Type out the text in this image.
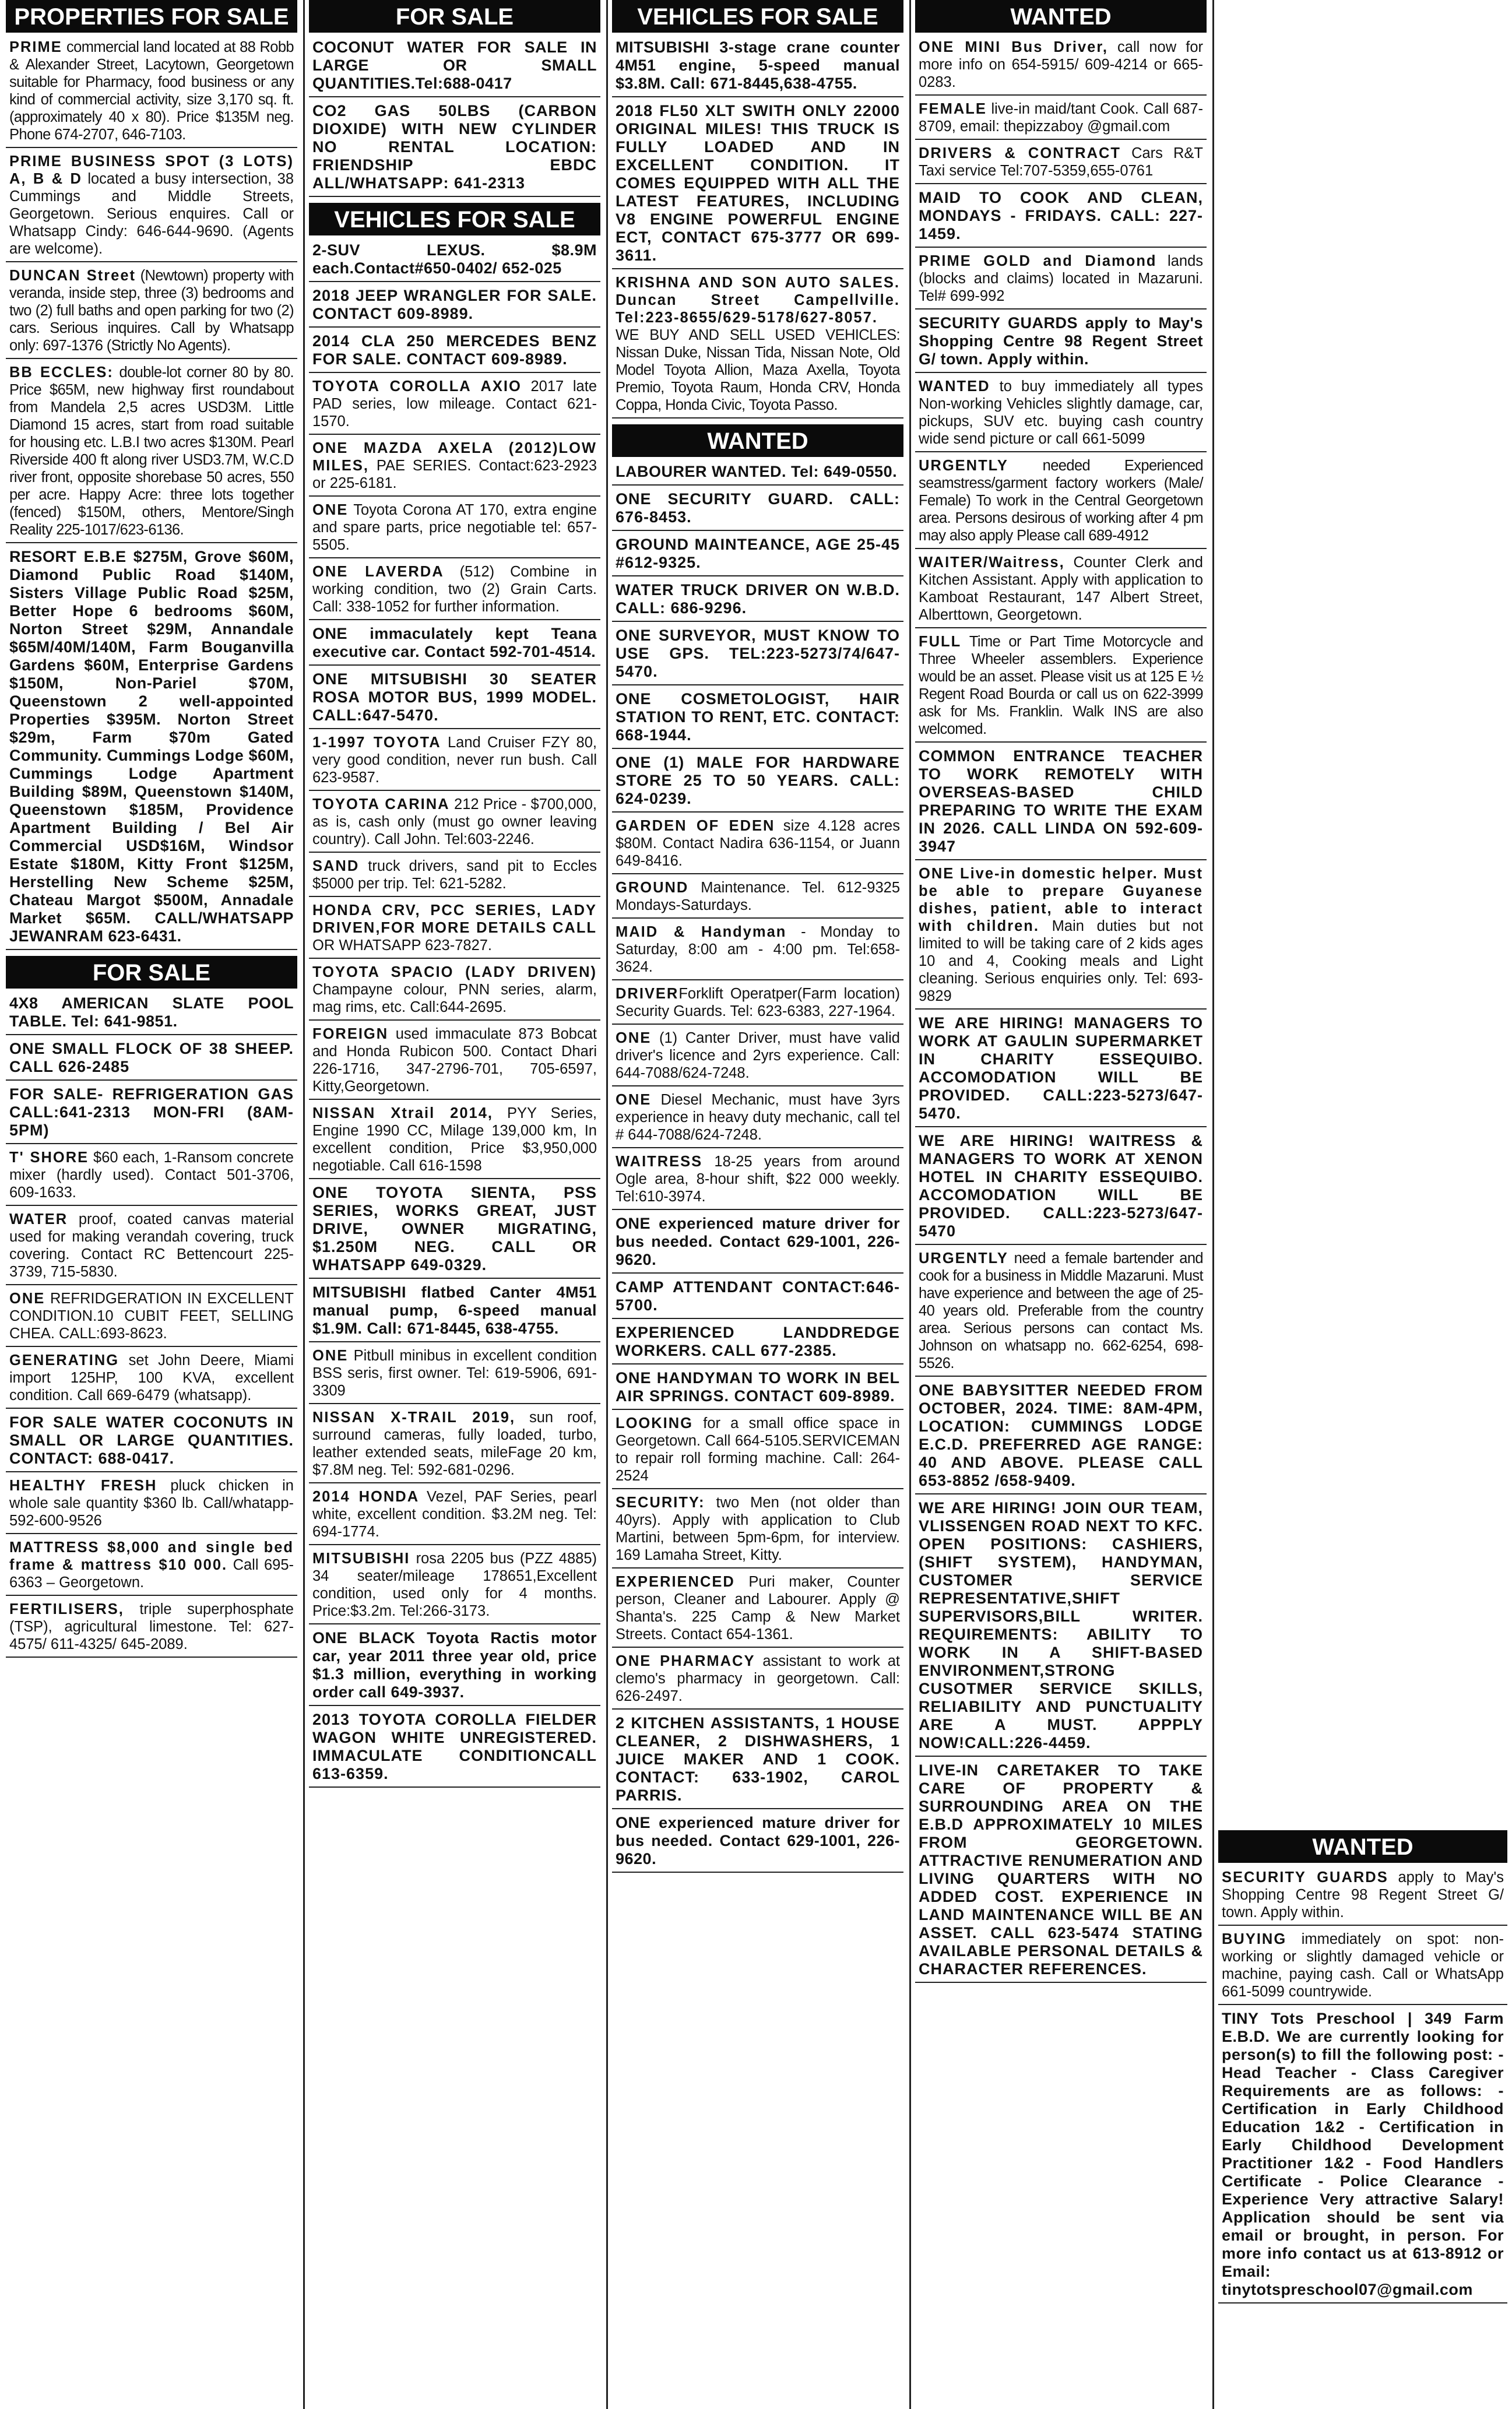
PROPERTIES FOR SALE
PRIME commercial land located at 88 Robb & Alexander Street, Lacytown, Georgetown suitable for Pharmacy, food business or any kind of commercial activity, size 3,170 sq. ft. (approximately 40 x 80). Price $135M neg. Phone 674-2707, 646-7103.
PRIME BUSINESS SPOT (3 LOTS) A, B & D located a busy intersection, 38 Cummings and Middle Streets, Georgetown. Serious enquires. Call or Whatsapp Cindy: 646-644-9690. (Agents are welcome).
DUNCAN Street (Newtown) property with veranda, inside step, three (3) bedrooms and two (2) full baths and open parking for two (2) cars. Serious inquires. Call by Whatsapp only: 697-1376 (Strictly No Agents).
BB ECCLES: double-lot corner 80 by 80. Price $65M, new highway first roundabout from Mandela 2,5 acres USD3M. Little Diamond 15 acres, start from road suitable for housing etc. L.B.I two acres $130M. Pearl Riverside 400 ft along river USD3.7M, W.C.D river front, opposite shorebase 50 acres, 550 per acre. Happy Acre: three lots together (fenced) $150M, others, Mentore/Singh Reality 225-1017/623-6136.
RESORT E.B.E $275M, Grove $60M, Diamond Public Road $140M, Sisters Village Public Road $25M, Better Hope 6 bedrooms $60M, Norton Street $29M, Annandale $65M/40M/140M, Farm Bouganvilla Gardens $60M, Enterprise Gardens $150M, Non-Pariel $70M, Queenstown 2 well-appointed Properties $395M. Norton Street $29m, Farm $70m Gated Community. Cummings Lodge $60M, Cummings Lodge Apartment Building $89M, Queenstown $140M, Queenstown $185M, Providence Apartment Building / Bel Air Commercial USD$16M, Windsor Estate $180M, Kitty Front $125M, Herstelling New Scheme $25M, Chateau Margot $500M, Annadale Market $65M. CALL/WHATSAPP JEWANRAM 623-6431.
FOR SALE
4X8 AMERICAN SLATE POOL TABLE. Tel: 641-9851.
ONE SMALL FLOCK OF 38 SHEEP. CALL 626-2485
FOR SALE- REFRIGERATION GAS CALL:641-2313 MON-FRI (8AM-5PM)
T' SHORE $60 each, 1-Ransom concrete mixer (hardly used). Contact 501-3706, 609-1633.
WATER proof, coated canvas material used for making verandah covering, truck covering. Contact RC Bettencourt 225-3739, 715-5830.
ONE REFRIDGERATION IN EXCELLENT CONDITION.10 CUBIT FEET, SELLING CHEA. CALL:693-8623.
GENERATING set John Deere, Miami import 125HP, 100 KVA, excellent condition. Call 669-6479 (whatsapp).
FOR SALE WATER COCONUTS IN SMALL OR LARGE QUANTITIES. CONTACT: 688-0417.
HEALTHY FRESH pluck chicken in whole sale quantity $360 lb. Call/whatapp- 592-600-9526
MATTRESS $8,000 and single bed frame & mattress $10 000. Call 695-6363 – Georgetown.
FERTILISERS, triple superphosphate (TSP), agricultural limestone. Tel: 627-4575/ 611-4325/ 645-2089.
FOR SALE
COCONUT WATER FOR SALE IN LARGE OR SMALL QUANTITIES.Tel:688-0417
CO2 GAS 50LBS (CARBON DIOXIDE) WITH NEW CYLINDER NO RENTAL LOCATION: FRIENDSHIP EBDC ALL/WHATSAPP: 641-2313
VEHICLES FOR SALE
2-SUV LEXUS. $8.9M each.Contact#650-0402/ 652-025
2018 JEEP WRANGLER FOR SALE. CONTACT 609-8989.
2014 CLA 250 MERCEDES BENZ FOR SALE. CONTACT 609-8989.
TOYOTA COROLLA AXIO 2017 late PAD series, low mileage. Contact 621-1570.
ONE MAZDA AXELA (2012)LOW MILES, PAE SERIES. Contact:623-2923 or 225-6181.
ONE Toyota Corona AT 170, extra engine and spare parts, price negotiable tel: 657-5505.
ONE LAVERDA (512) Combine in working condition, two (2) Grain Carts. Call: 338-1052 for further information.
ONE immaculately kept Teana executive car. Contact 592-701-4514.
ONE MITSUBISHI 30 SEATER ROSA MOTOR BUS, 1999 MODEL. CALL:647-5470.
1-1997 TOYOTA Land Cruiser FZY 80, very good condition, never run bush. Call 623-9587.
TOYOTA CARINA 212 Price - $700,000, as is, cash only (must go owner leaving country). Call John. Tel:603-2246.
SAND truck drivers, sand pit to Eccles $5000 per trip. Tel: 621-5282.
HONDA CRV, PCC SERIES, LADY DRIVEN,FOR MORE DETAILS CALL OR WHATSAPP 623-7827.
TOYOTA SPACIO (LADY DRIVEN) Champayne colour, PNN series, alarm, mag rims, etc. Call:644-2695.
FOREIGN used immaculate 873 Bobcat and Honda Rubicon 500. Contact Dhari 226-1716, 347-2796-701, 705-6597, Kitty,Georgetown.
NISSAN Xtrail 2014, PYY Series, Engine 1990 CC, Milage 139,000 km, In excellent condition, Price $3,950,000 negotiable. Call 616-1598
ONE TOYOTA SIENTA, PSS SERIES, WORKS GREAT, JUST DRIVE, OWNER MIGRATING, $1.250M NEG. CALL OR WHATSAPP 649-0329.
MITSUBISHI flatbed Canter 4M51 manual pump, 6-speed manual $1.9M. Call: 671-8445, 638-4755.
ONE Pitbull minibus in excellent condition BSS seris, first owner. Tel: 619-5906, 691-3309
NISSAN X-TRAIL 2019, sun roof, surround cameras, fully loaded, turbo, leather extended seats, mileFage 20 km, $7.8M neg. Tel: 592-681-0296.
2014 HONDA Vezel, PAF Series, pearl white, excellent condition. $3.2M neg. Tel: 694-1774.
MITSUBISHI rosa 2205 bus (PZZ 4885) 34 seater/mileage 178651,Excellent condition, used only for 4 months. Price:$3.2m. Tel:266-3173.
ONE BLACK Toyota Ractis motor car, year 2011 three year old, price $1.3 million, everything in working order call 649-3937.
2013 TOYOTA COROLLA FIELDER WAGON WHITE UNREGISTERED. IMMACULATE CONDITIONCALL 613-6359.
VEHICLES FOR SALE
MITSUBISHI 3-stage crane counter 4M51 engine, 5-speed manual $3.8M. Call: 671-8445,638-4755.
2018 FL50 XLT SWITH ONLY 22000 ORIGINAL MILES! THIS TRUCK IS FULLY LOADED AND IN EXCELLENT CONDITION. IT COMES EQUIPPED WITH ALL THE LATEST FEATURES, INCLUDING V8 ENGINE POWERFUL ENGINE ECT, CONTACT 675-3777 OR 699-3611.
KRISHNA AND SON AUTO SALES. Duncan Street Campellville. Tel:223-8655/629-5178/627-8057. WE BUY AND SELL USED VEHICLES: Nissan Duke, Nissan Tida, Nissan Note, Old Model Toyota Allion, Maza Axella, Toyota Premio, Toyota Raum, Honda CRV, Honda Coppa, Honda Civic, Toyota Passo.
WANTED
LABOURER WANTED. Tel: 649-0550.
ONE SECURITY GUARD. CALL: 676-8453.
GROUND MAINTEANCE, AGE 25-45 #612-9325.
WATER TRUCK DRIVER ON W.B.D. CALL: 686-9296.
ONE SURVEYOR, MUST KNOW TO USE GPS. TEL:223-5273/74/647-5470.
ONE COSMETOLOGIST, HAIR STATION TO RENT, ETC. CONTACT: 668-1944.
ONE (1) MALE FOR HARDWARE STORE 25 TO 50 YEARS. CALL: 624-0239.
GARDEN OF EDEN size 4.128 acres $80M. Contact Nadira 636-1154, or Juann 649-8416.
GROUND Maintenance. Tel. 612-9325 Mondays-Saturdays.
MAID & Handyman - Monday to Saturday, 8:00 am - 4:00 pm. Tel:658-3624.
DRIVERForklift Operatper(Farm location) Security Guards. Tel: 623-6383, 227-1964.
ONE (1) Canter Driver, must have valid driver's licence and 2yrs experience. Call: 644-7088/624-7248.
ONE Diesel Mechanic, must have 3yrs experience in heavy duty mechanic, call tel # 644-7088/624-7248.
WAITRESS 18-25 years from around Ogle area, 8-hour shift, $22 000 weekly. Tel:610-3974.
ONE experienced mature driver for bus needed. Contact 629-1001, 226-9620.
CAMP ATTENDANT CONTACT:646-5700.
EXPERIENCED LANDDREDGE WORKERS. CALL 677-2385.
ONE HANDYMAN TO WORK IN BEL AIR SPRINGS. CONTACT 609-8989.
LOOKING for a small office space in Georgetown. Call 664-5105.SERVICEMAN to repair roll forming machine. Call: 264-2524
SECURITY: two Men (not older than 40yrs). Apply with application to Club Martini, between 5pm-6pm, for interview. 169 Lamaha Street, Kitty.
EXPERIENCED Puri maker, Counter person, Cleaner and Labourer. Apply @ Shanta's. 225 Camp & New Market Streets. Contact 654-1361.
ONE PHARMACY assistant to work at clemo's pharmacy in georgetown. Call: 626-2497.
2 KITCHEN ASSISTANTS, 1 HOUSE CLEANER, 2 DISHWASHERS, 1 JUICE MAKER AND 1 COOK. CONTACT: 633-1902, CAROL PARRIS.
ONE experienced mature driver for bus needed. Contact 629-1001, 226-9620.
WANTED
ONE MINI Bus Driver, call now for more info on 654-5915/ 609-4214 or 665-0283.
FEMALE live-in maid/tant Cook. Call 687-8709, email: thepizzaboy @gmail.com
DRIVERS & CONTRACT Cars R&T Taxi service Tel:707-5359,655-0761
MAID TO COOK AND CLEAN, MONDAYS - FRIDAYS. CALL: 227-1459.
PRIME GOLD and Diamond lands (blocks and claims) located in Mazaruni. Tel# 699-992
SECURITY GUARDS apply to May's Shopping Centre 98 Regent Street G/ town. Apply within.
WANTED to buy immediately all types Non-working Vehicles slightly damage, car, pickups, SUV etc. buying cash country wide send picture or call 661-5099
URGENTLY needed Experienced seamstress/garment factory workers (Male/ Female) To work in the Central Georgetown area. Persons desirous of working after 4 pm may also apply Please call 689-4912
WAITER/Waitress, Counter Clerk and Kitchen Assistant. Apply with application to Kamboat Restaurant, 147 Albert Street, Alberttown, Georgetown.
FULL Time or Part Time Motorcycle and Three Wheeler assemblers. Experience would be an asset. Please visit us at 125 E ½ Regent Road Bourda or call us on 622-3999 ask for Ms. Franklin. Walk INS are also welcomed.
COMMON ENTRANCE TEACHER TO WORK REMOTELY WITH OVERSEAS-BASED CHILD PREPARING TO WRITE THE EXAM IN 2026. CALL LINDA ON 592-609-3947
ONE Live-in domestic helper. Must be able to prepare Guyanese dishes, patient, able to interact with children. Main duties but not limited to will be taking care of 2 kids ages 10 and 4, Cooking meals and Light cleaning. Serious enquiries only. Tel: 693-9829
WE ARE HIRING! MANAGERS TO WORK AT GAULIN SUPERMARKET IN CHARITY ESSEQUIBO. ACCOMODATION WILL BE PROVIDED. CALL:223-5273/647-5470.
WE ARE HIRING! WAITRESS & MANAGERS TO WORK AT XENON HOTEL IN CHARITY ESSEQUIBO. ACCOMODATION WILL BE PROVIDED. CALL:223-5273/647-5470
URGENTLY need a female bartender and cook for a business in Middle Mazaruni. Must have experience and between the age of 25-40 years old. Preferable from the country area. Serious persons can contact Ms. Johnson on whatsapp no. 662-6254, 698-5526.
ONE BABYSITTER NEEDED FROM OCTOBER, 2024. TIME: 8AM-4PM, LOCATION: CUMMINGS LODGE E.C.D. PREFERRED AGE RANGE: 40 AND ABOVE. PLEASE CALL 653-8852 /658-9409.
WE ARE HIRING! JOIN OUR TEAM, VLISSENGEN ROAD NEXT TO KFC. OPEN POSITIONS: CASHIERS, (SHIFT SYSTEM), HANDYMAN, CUSTOMER SERVICE REPRESENTATIVE,SHIFT SUPERVISORS,BILL WRITER. REQUIREMENTS: ABILITY TO WORK IN A SHIFT-BASED ENVIRONMENT,STRONG CUSOTMER SERVICE SKILLS, RELIABILITY AND PUNCTUALITY ARE A MUST. APPPLY NOW!CALL:226-4459.
LIVE-IN CARETAKER TO TAKE CARE OF PROPERTY & SURROUNDING AREA ON THE E.B.D APPROXIMATELY 10 MILES FROM GEORGETOWN. ATTRACTIVE RENUMERATION AND LIVING QUARTERS WITH NO ADDED COST. EXPERIENCE IN LAND MAINTENANCE WILL BE AN ASSET. CALL 623-5474 STATING AVAILABLE PERSONAL DETAILS & CHARACTER REFERENCES.
WANTED
SECURITY GUARDS apply to May's Shopping Centre 98 Regent Street G/ town. Apply within.
BUYING immediately on spot: non-working or slightly damaged vehicle or machine, paying cash. Call or WhatsApp 661-5099 countrywide.
TINY Tots Preschool | 349 Farm E.B.D. We are currently looking for person(s) to fill the following post: - Head Teacher - Class Caregiver Requirements are as follows: - Certification in Early Childhood Education 1&2 - Certification in Early Childhood Development Practitioner 1&2 - Food Handlers Certificate - Police Clearance - Experience Very attractive Salary! Application should be sent via email or brought, in person. For more info contact us at 613-8912 or Email: tinytotspreschool07@gmail.com
